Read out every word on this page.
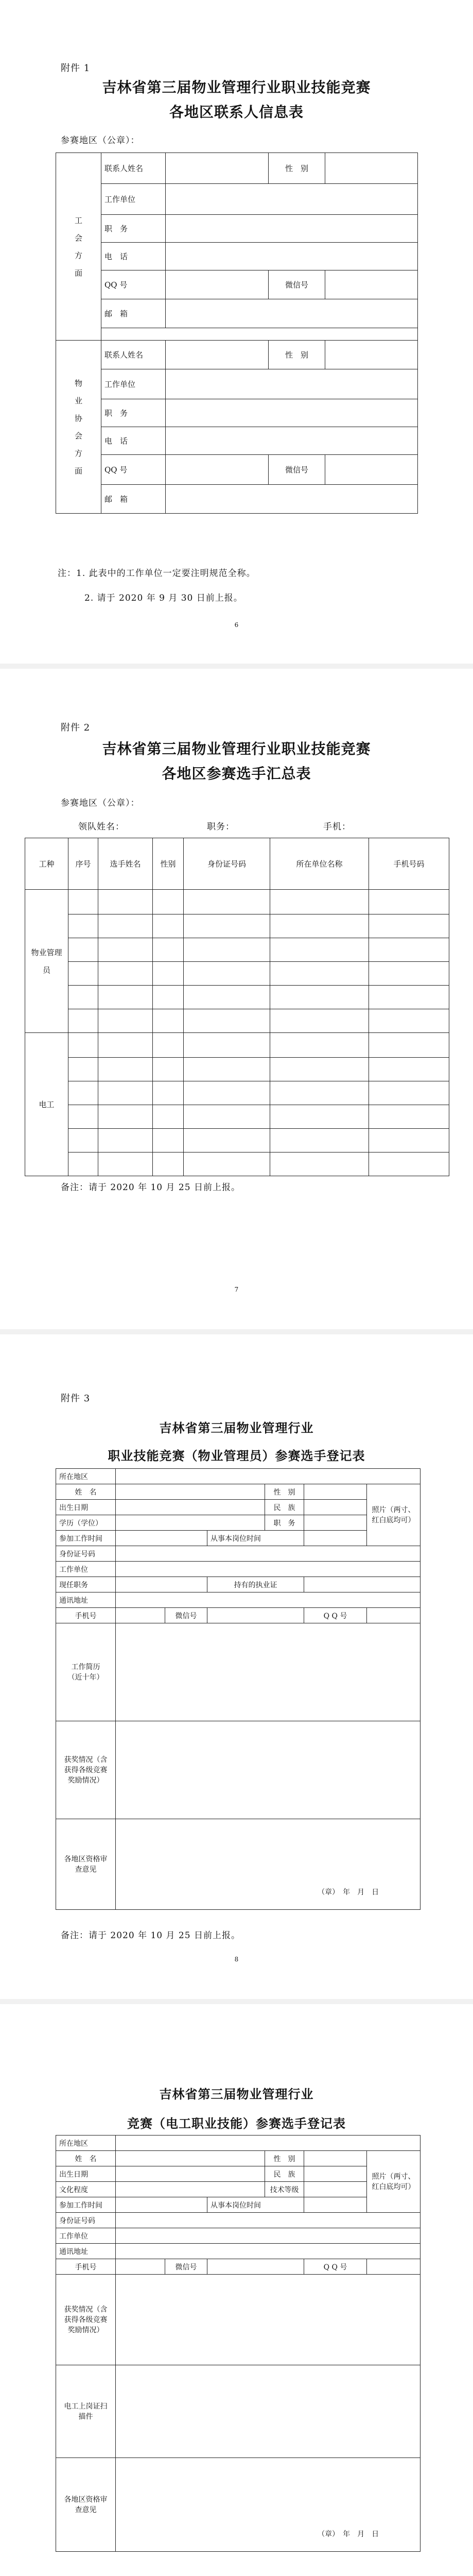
附件 1
吉林省第三届物业管理行业职业技能竞赛
各地区联系人信息表
参赛地区（公章）：
工会方面	联系人姓名		性　别	
	工作单位			
	职　务			
	电　话			
	QQ 号		微信号	
	邮　箱			

物业协会方面	联系人姓名		性　别	
	工作单位			
	职　务			
	电　话			
	QQ 号		微信号	
	邮　箱			
注：1. 此表中的工作单位一定要注明规范全称。
2. 请于 2020 年 9 月 30 日前上报。
6
附件 2
吉林省第三届物业管理行业职业技能竞赛
各地区参赛选手汇总表
参赛地区（公章）：
领队姓名：	职务：	手机：
工种	序号	选手姓名	性别	身份证号码	所在单位名称	手机号码

物业管理员						

电工						

备注：请于 2020 年 10 月 25 日前上报。
7
附件 3
吉林省第三届物业管理行业
职业技能竞赛（物业管理员）参赛选手登记表
所在地区						
姓　名				性　别		照片（两寸、红白底均可）

出生日期				民　族		
学历（学位）				职　务		
参加工作时间			从事本岗位时间			
身份证号码						
工作单位						
现任职务			持有的执业证			
通讯地址						
手机号		微信号			Q Q 号	

工作简历（近十年）						

获奖情况（含获得各级竞赛奖励情况）						

各地区资格审查意见	（章）　年　月　日					
备注：请于 2020 年 10 月 25 日前上报。
8
吉林省第三届物业管理行业
竞赛（电工职业技能）参赛选手登记表
所在地区						
姓　名				性　别		照片（两寸、红白底均可）

出生日期				民　族		
文化程度				技术等级		
参加工作时间			从事本岗位时间			
身份证号码						
工作单位						
通讯地址						
手机号		微信号			Q Q 号	

获奖情况（含获得各级竞赛奖励情况）						

电工上岗证扫描件						

各地区资格审查意见	（章）　年　月　日					
